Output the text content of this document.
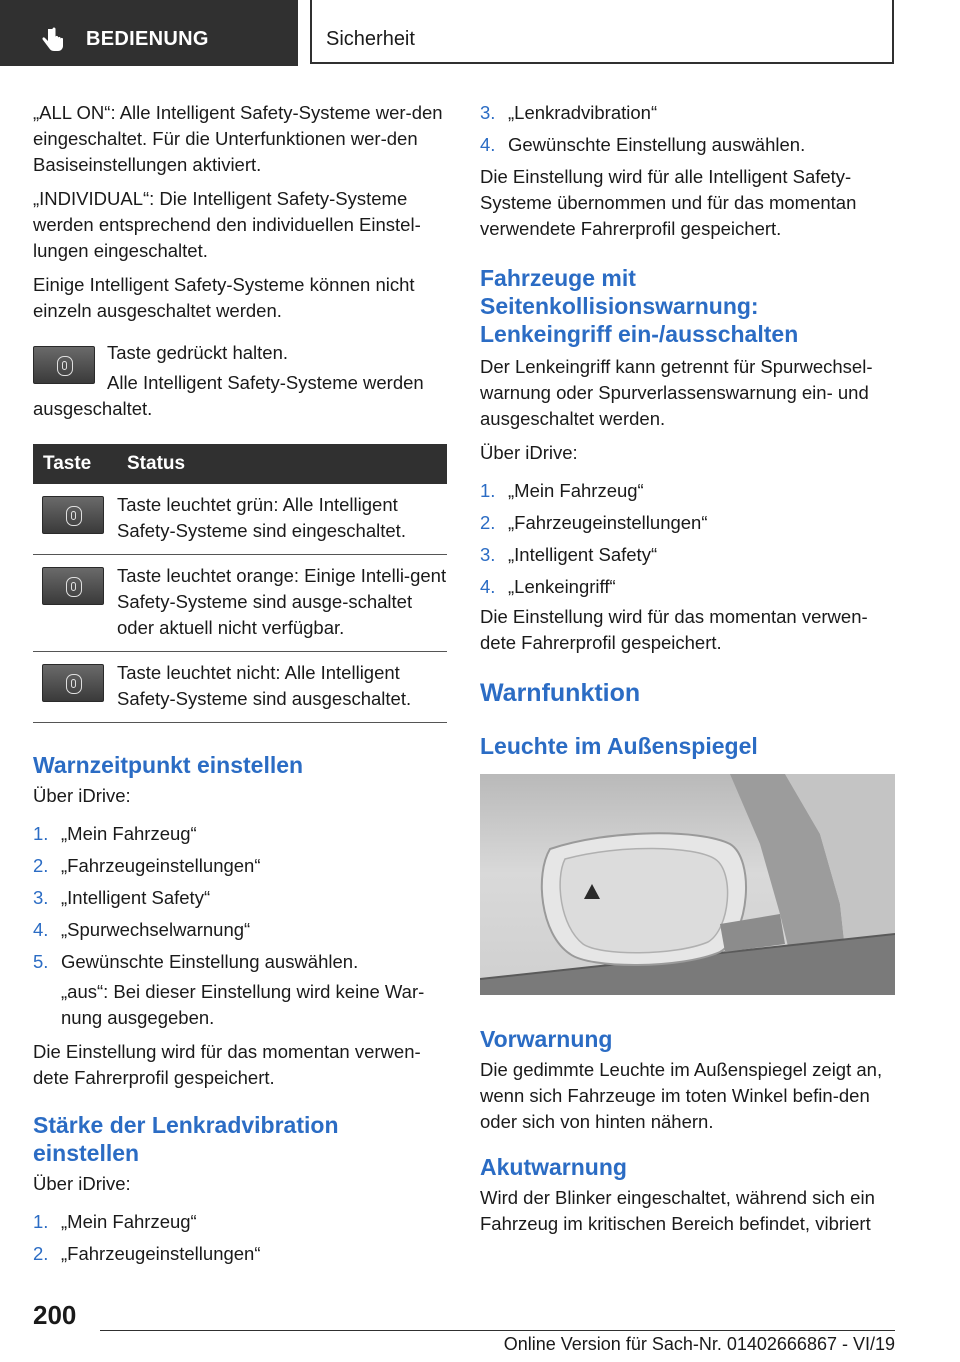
BEDIENUNG	Sicherheit

„ALL ON“: Alle Intelligent Safety-Systeme wer-den eingeschaltet. Für die Unterfunktionen wer-den Basiseinstellungen aktiviert.

„INDIVIDUAL“: Die Intelligent Safety-Systeme werden entsprechend den individuellen Einstel-lungen eingeschaltet.

Einige Intelligent Safety-Systeme können nicht einzeln ausgeschaltet werden.

Taste gedrückt halten.

Alle Intelligent Safety-Systeme werden ausgeschaltet.

Taste	Status

	Taste leuchtet grün: Alle Intelligent Safety-Systeme sind eingeschaltet.

	Taste leuchtet orange: Einige Intelli-gent Safety-Systeme sind ausge-schaltet oder aktuell nicht verfügbar.

	Taste leuchtet nicht: Alle Intelligent Safety-Systeme sind ausgeschaltet.
Warnzeitpunkt einstellen

Über iDrive:

1. „Mein Fahrzeug“
2. „Fahrzeugeinstellungen“
3. „Intelligent Safety“
4. „Spurwechselwarnung“
5. Gewünschte Einstellung auswählen.

„aus“: Bei dieser Einstellung wird keine War-nung ausgegeben.

Die Einstellung wird für das momentan verwen-dete Fahrerprofil gespeichert.

Stärke der Lenkradvibration einstellen

Über iDrive:

1. „Mein Fahrzeug“
2. „Fahrzeugeinstellungen“
3. „Lenkradvibration“
4. Gewünschte Einstellung auswählen.

Die Einstellung wird für alle Intelligent Safety-Systeme übernommen und für das momentan verwendete Fahrerprofil gespeichert.

Fahrzeuge mit Seitenkollisionswarnung: Lenkeingriff ein-/ausschalten

Der Lenkeingriff kann getrennt für Spurwechsel-warnung oder Spurverlassenswarnung ein- und ausgeschaltet werden.

Über iDrive:

1. „Mein Fahrzeug“
2. „Fahrzeugeinstellungen“
3. „Intelligent Safety“
4. „Lenkeingriff“

Die Einstellung wird für das momentan verwen-dete Fahrerprofil gespeichert.

Warnfunktion
Leuchte im Außenspiegel
Vorwarnung

Die gedimmte Leuchte im Außenspiegel zeigt an, wenn sich Fahrzeuge im toten Winkel befin-den oder sich von hinten nähern.

Akutwarnung

Wird der Blinker eingeschaltet, während sich ein Fahrzeug im kritischen Bereich befindet, vibriert

200
Online Version für Sach-Nr. 01402666867 - VI/19
